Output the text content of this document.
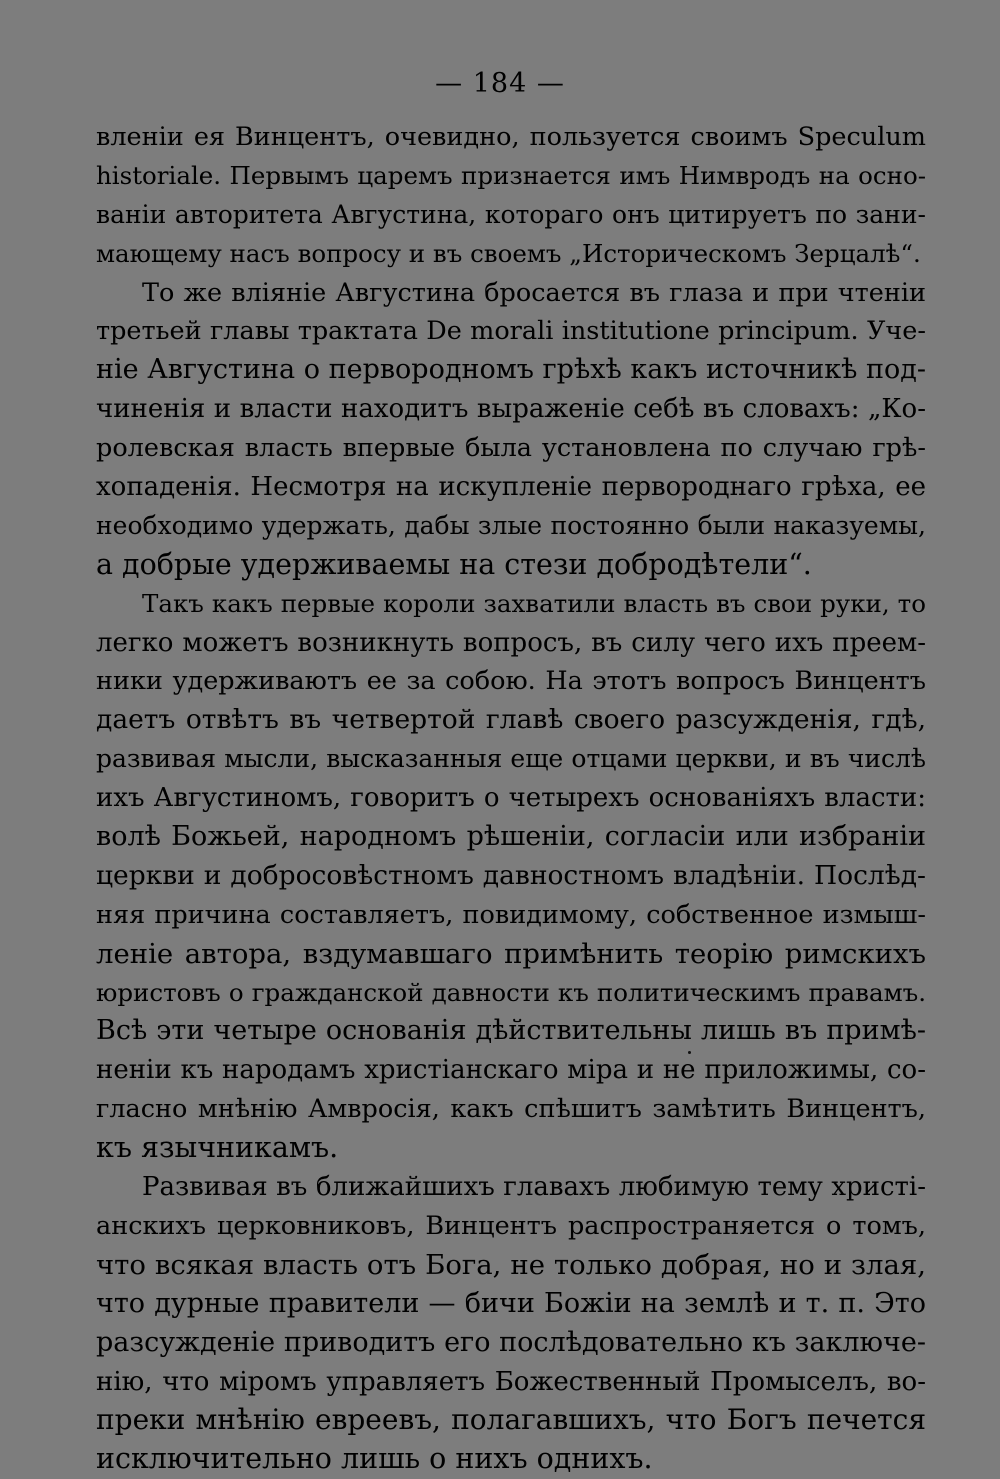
— 184 —
вленіи ея Винцентъ, очевидно, пользуется своимъ Speculum
historiale. Первымъ царемъ признается имъ Нимвродъ на осно-
ваніи авторитета Августина, котораго онъ цитируетъ по зани-
мающему насъ вопросу и въ своемъ „Историческомъ Зерцалѣ“.
То же вліяніе Августина бросается въ глаза и при чтеніи
третьей главы трактата De morali institutione principum. Уче-
ніе Августина о первородномъ грѣхѣ какъ источникѣ под-
чиненія и власти находитъ выраженіе себѣ въ словахъ: „Ко-
ролевская власть впервые была установлена по случаю грѣ-
хопаденія. Несмотря на искупленіе первороднаго грѣха, ее
необходимо удержать, дабы злые постоянно были наказуемы,
а добрые удерживаемы на стези добродѣтели“.
Такъ какъ первые короли захватили власть въ свои руки, то
легко можетъ возникнуть вопросъ, въ силу чего ихъ преем-
ники удерживаютъ ее за собою. На этотъ вопросъ Винцентъ
даетъ отвѣтъ въ четвертой главѣ своего разсужденія, гдѣ,
развивая мысли, высказанныя еще отцами церкви, и въ числѣ
ихъ Августиномъ, говоритъ о четырехъ основаніяхъ власти:
волѣ Божьей, народномъ рѣшеніи, согласіи или избраніи
церкви и добросовѣстномъ давностномъ владѣніи. Послѣд-
няя причина составляетъ, повидимому, собственное измыш-
леніе автора, вздумавшаго примѣнить теорію римскихъ
юристовъ о гражданской давности къ политическимъ правамъ.
Всѣ эти четыре основанія дѣйствительны лишь въ примѣ-
неніи къ народамъ христіанскаго міра и не приложимы, со-
гласно мнѣнію Амвросія, какъ спѣшитъ замѣтить Винцентъ,
къ язычникамъ.
Развивая въ ближайшихъ главахъ любимую тему христі-
анскихъ церковниковъ, Винцентъ распространяется о томъ,
что всякая власть отъ Бога, не только добрая, но и злая,
что дурные правители — бичи Божіи на землѣ и т. п. Это
разсужденіе приводитъ его послѣдовательно къ заключе-
нію, что міромъ управляетъ Божественный Промыселъ, во-
преки мнѣнію евреевъ, полагавшихъ, что Богъ печется
исключительно лишь о нихъ однихъ.
